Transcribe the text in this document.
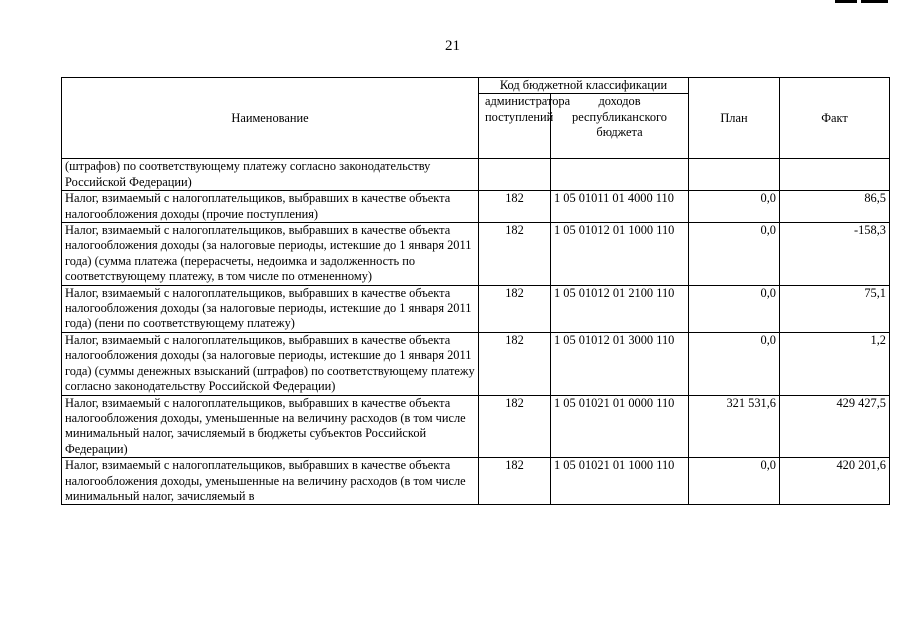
21
Наименование	Код бюджетной классификации		План	Факт
	администратора поступлений	доходов республиканского бюджета		
(штрафов) по соответствующему платежу согласно законодательству Российской Федерации)				
Налог, взимаемый с налогоплательщиков, выбравших в качестве объекта налогообложения доходы (прочие поступления)	182	1 05 01011 01 4000 110	0,0	86,5
Налог, взимаемый с налогоплательщиков, выбравших в качестве объекта налогообложения доходы (за налоговые периоды, истекшие до 1 января 2011 года) (сумма платежа (перерасчеты, недоимка и задолженность по соответствующему платежу, в том числе по отмененному)	182	1 05 01012 01 1000 110	0,0	-158,3
Налог, взимаемый с налогоплательщиков, выбравших в качестве объекта налогообложения доходы (за налоговые периоды, истекшие до 1 января 2011 года) (пени по соответствующему платежу)	182	1 05 01012 01 2100 110	0,0	75,1
Налог, взимаемый с налогоплательщиков, выбравших в качестве объекта налогообложения доходы (за налоговые периоды, истекшие до 1 января 2011 года) (суммы денежных взысканий (штрафов) по соответствующему платежу согласно законодательству Российской Федерации)	182	1 05 01012 01 3000 110	0,0	1,2
Налог, взимаемый с налогоплательщиков, выбравших в качестве объекта налогообложения доходы, уменьшенные на величину расходов (в том числе минимальный налог, зачисляемый в бюджеты субъектов Российской Федерации)	182	1 05 01021 01 0000 110	321 531,6	429 427,5
Налог, взимаемый с налогоплательщиков, выбравших в качестве объекта налогообложения доходы, уменьшенные на величину расходов (в том числе минимальный налог, зачисляемый в	182	1 05 01021 01 1000 110	0,0	420 201,6
